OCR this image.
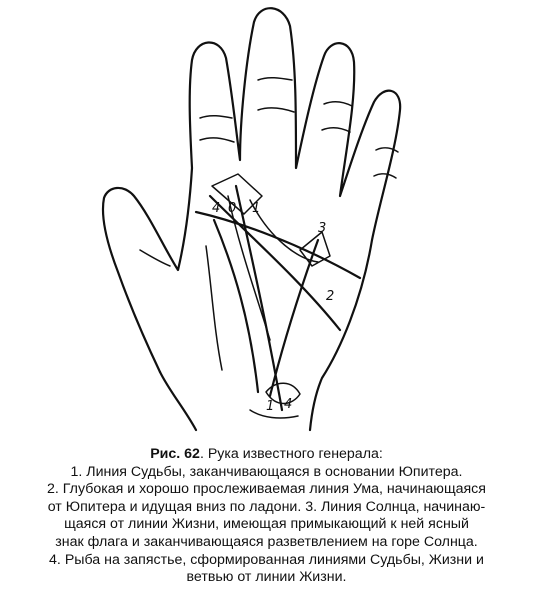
4 0 1
3
2
4
1

Рис. 62. Рука известного генерала:

1. Линия Судьбы, заканчивающаяся в основании Юпитера.

2. Глубокая и хорошо прослеживаемая линия Ума, начинающаяся

от Юпитера и идущая вниз по ладони. 3. Линия Солнца, начинаю-

щаяся от линии Жизни, имеющая примыкающий к ней ясный

знак флага и заканчивающаяся разветвлением на горе Солнца.

4. Рыба на запястье, сформированная линиями Судьбы, Жизни и

ветвью от линии Жизни.
